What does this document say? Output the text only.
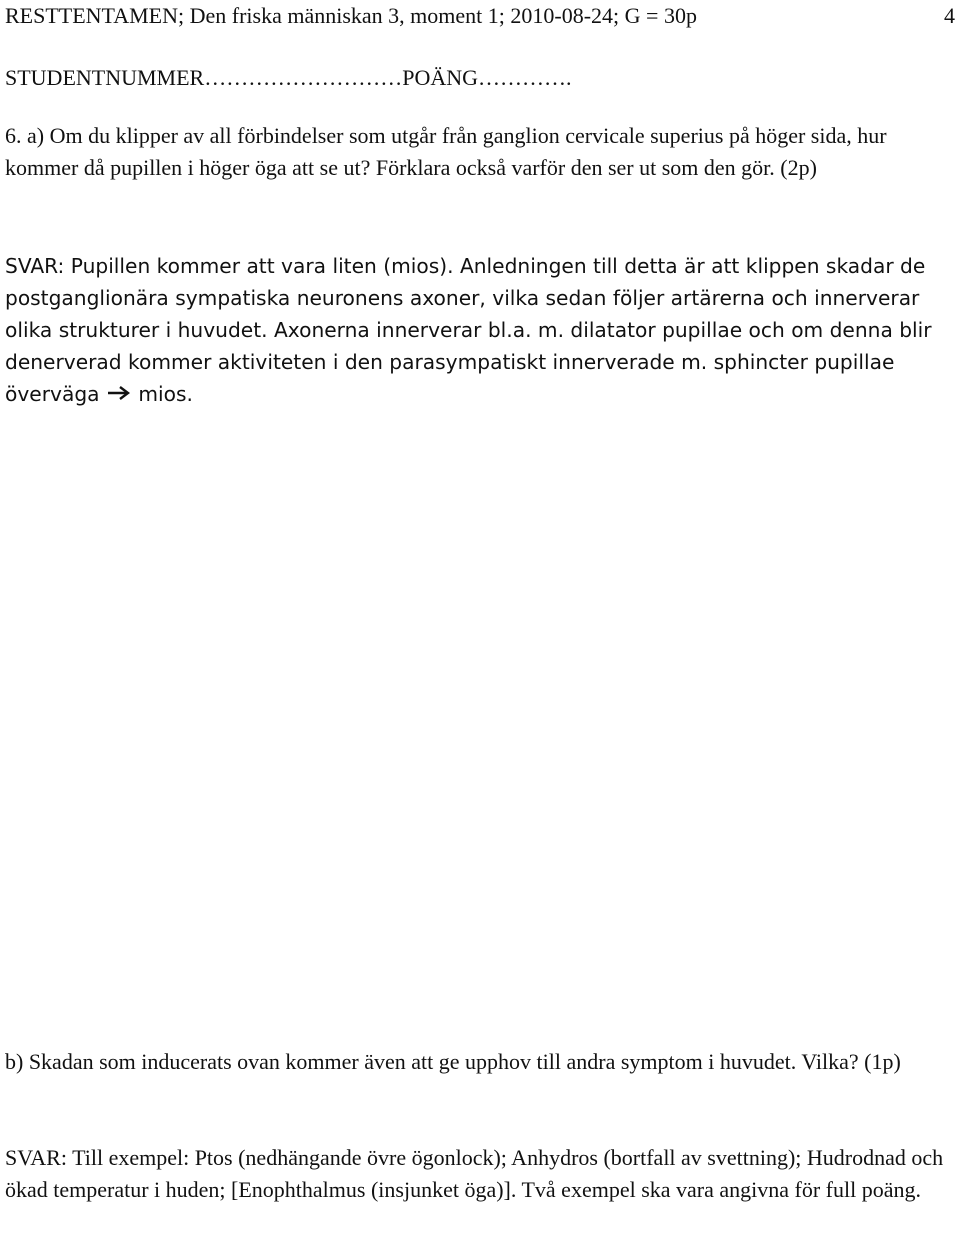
RESTTENTAMEN; Den friska människan 3, moment 1; 2010-08-24; G = 30p	4

STUDENTNUMMER………………………POÄNG………….

6. a) Om du klipper av all förbindelser som utgår från ganglion cervicale superius på höger sida, hur kommer då pupillen i höger öga att se ut? Förklara också varför den ser ut som den gör. (2p)

SVAR: Pupillen kommer att vara liten (mios). Anledningen till detta är att klippen skadar de postganglionära sympatiska neuronens axoner, vilka sedan följer artärerna och innerverar olika strukturer i huvudet. Axonerna innerverar bl.a. m. dilatator pupillae och om denna blir denerverad kommer aktiviteten i den parasympatiskt innerverade m. sphincter pupillae överväga  mios.

b) Skadan som inducerats ovan kommer även att ge upphov till andra symptom i huvudet. Vilka? (1p)

SVAR: Till exempel: Ptos (nedhängande övre ögonlock); Anhydros (bortfall av svettning); Hudrodnad och ökad temperatur i huden; [Enophthalmus (insjunket öga)]. Två exempel ska vara angivna för full poäng.
